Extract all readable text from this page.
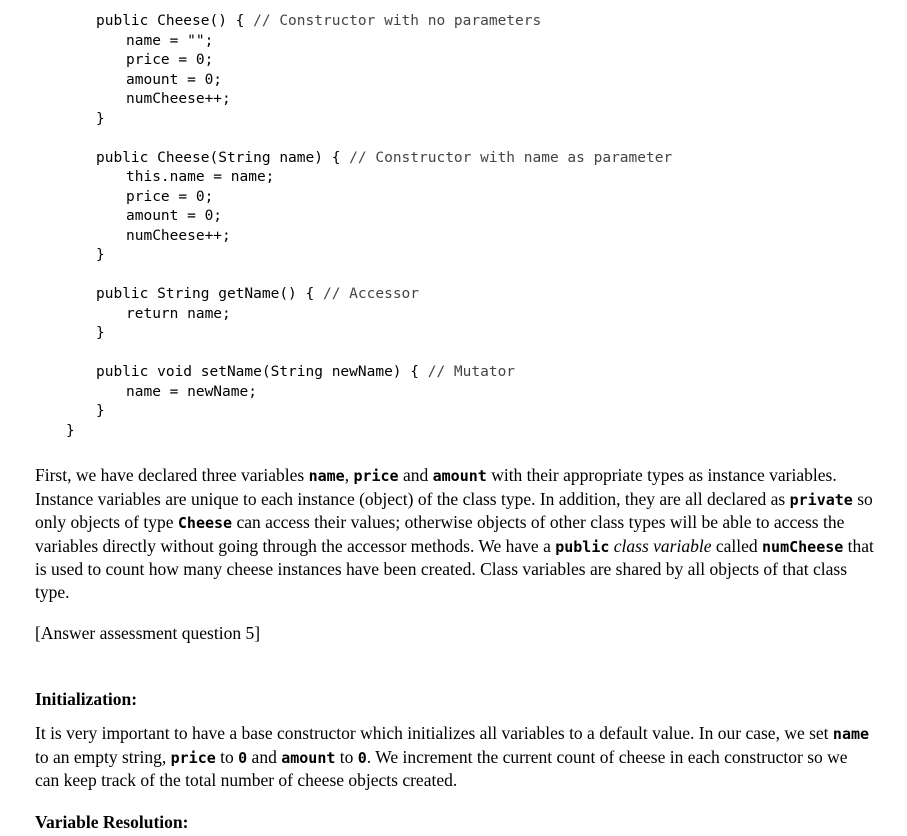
public Cheese() { // Constructor with no parameters
name = "";
price = 0;
amount = 0;
numCheese++;
}
public Cheese(String name) { // Constructor with name as parameter
this.name = name;
price = 0;
amount = 0;
numCheese++;
}
public String getName() { // Accessor
return name;
}
public void setName(String newName) { // Mutator
name = newName;
}
}

First, we have declared three variables name, price and amount with their appropriate types as instance variables. Instance variables are unique to each instance (object) of the class type. In addition, they are all declared as private so only objects of type Cheese can access their values; otherwise objects of other class types will be able to access the variables directly without going through the accessor methods. We have a public class variable called numCheese that is used to count how many cheese instances have been created. Class variables are shared by all objects of that class type.

[Answer assessment question 5]

Initialization:

It is very important to have a base constructor which initializes all variables to a default value. In our case, we set name to an empty string, price to 0 and amount to 0. We increment the current count of cheese in each constructor so we can keep track of the total number of cheese objects created.

Variable Resolution:
